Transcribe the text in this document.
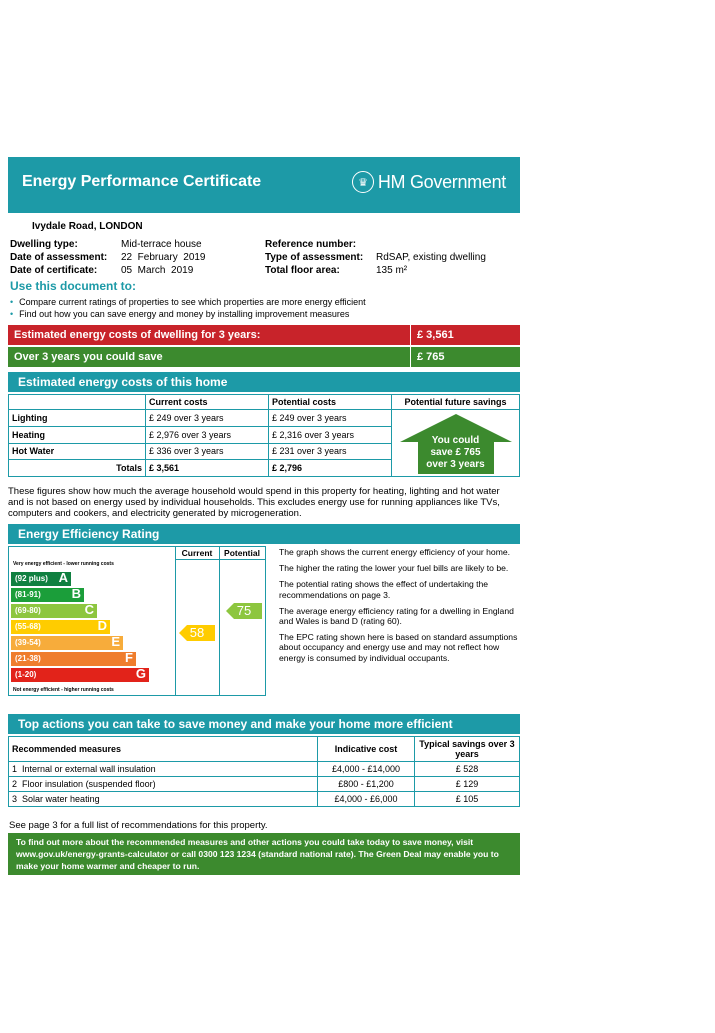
Energy Performance Certificate	♛ HM Government
Ivydale Road, LONDON
Dwelling type:	Mid-terrace house
Date of assessment: 22  February  2019
Date of certificate: 05  March  2019
Reference number:
Type of assessment: RdSAP, existing dwelling
Total floor area:	135 m²
Use this document to:
• Compare current ratings of properties to see which properties are more energy efficient
• Find out how you can save energy and money by installing improvement measures
Estimated energy costs of dwelling for 3 years:	£ 3,561
Over 3 years you could save	£ 765
Estimated energy costs of this home
	Current costs	Potential costs	Potential future savings
Lighting	£ 249 over 3 years	£ 249 over 3 years	You could
save £ 765
over 3 years

Heating	£ 2,976 over 3 years	£ 2,316 over 3 years	
Hot Water	£ 336 over 3 years	£ 231 over 3 years	
Totals	£ 3,561	£ 2,796	
These figures show how much the average household would spend in this property for heating, lighting and hot water and is not based on energy used by individual households. This excludes energy use for running appliances like TVs, computers and cookers, and electricity generated by microgeneration.
Energy Efficiency Rating
Very energy efficient - lower running costs
Not energy efficient - higher running costs
Current	Potential
(92 plus) A
(81-91) B
(69-80)	C
(55-68)	D
(39-54)	E
(21-38)	F
(1-20)	G
58
75
The graph shows the current energy efficiency of your home.
The higher the rating the lower your fuel bills are likely to be.
The potential rating shows the effect of undertaking the recommendations on page 3.
The average energy efficiency rating for a dwelling in England and Wales is band D (rating 60).
The EPC rating shown here is based on standard assumptions about occupancy and energy use and may not reflect how energy is consumed by individual occupants.
Top actions you can take to save money and make your home more efficient
Recommended measures	Indicative cost	Typical savings over 3 years
1 Internal or external wall insulation	£4,000 - £14,000	£ 528
2 Floor insulation (suspended floor)	£800 - £1,200	£ 129
3 Solar water heating	£4,000 - £6,000	£ 105
See page 3 for a full list of recommendations for this property.
To find out more about the recommended measures and other actions you could take today to save money, visit www.gov.uk/energy-grants-calculator or call 0300 123 1234 (standard national rate). The Green Deal may enable you to make your home warmer and cheaper to run.
